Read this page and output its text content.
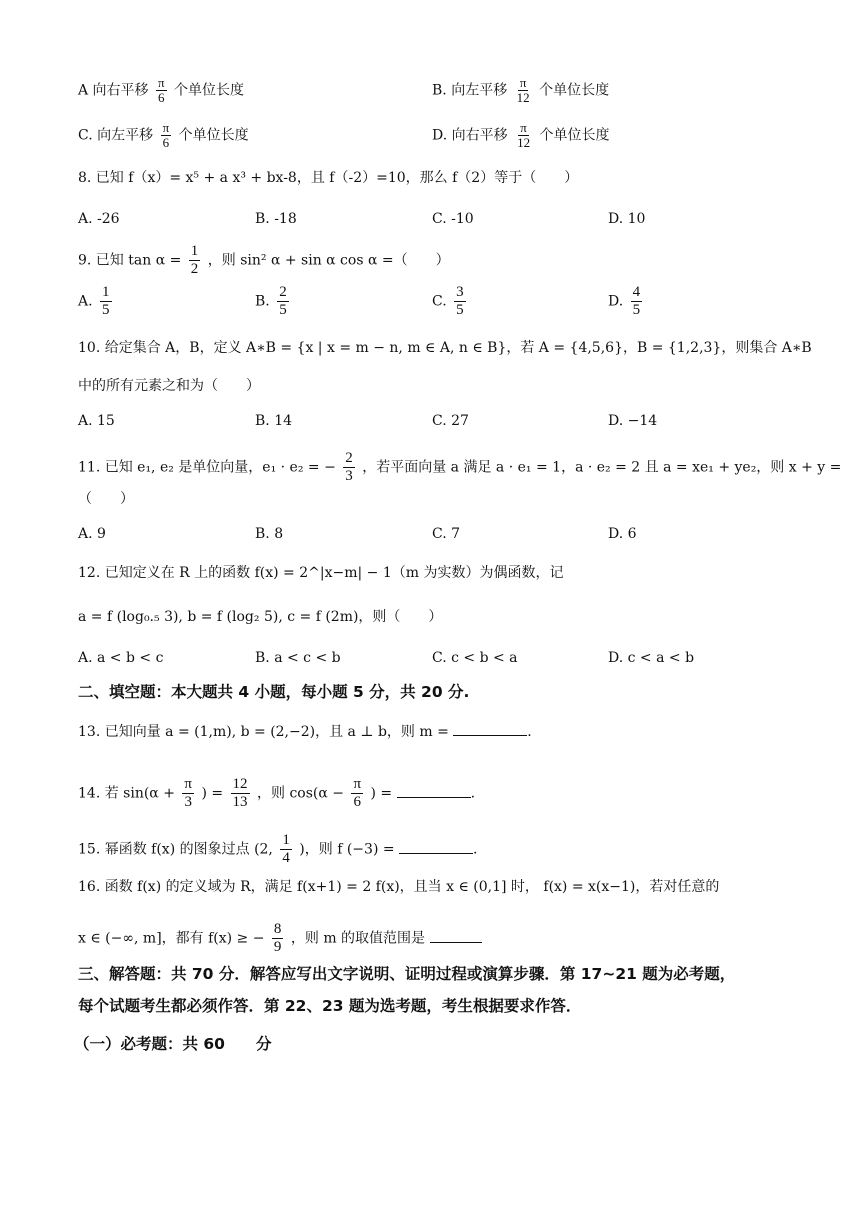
A 向右平移 $\frac{\pi}{6}$ 个单位长度	B. 向左平移 $\frac{\pi}{12}$ 个单位长度
C. 向左平移 $\frac{\pi}{6}$ 个单位长度	D. 向右平移 $\frac{\pi}{12}$ 个单位长度
8. 已知 f（x）= x⁵ + a x³ + bx-8，且 f（-2）=10，那么 f（2）等于（　　）
A. -26	B. -18	C. -10	D. 10
9. 已知 $\tan \alpha = \frac{1}{2}$ ，则 sin² α + sin α cos α =（　　）
A. $\frac{1}{5}$	B. $\frac{2}{5}$	C. $\frac{3}{5}$	D. $\frac{4}{5}$
10. 给定集合 A，B，定义 A∗B = {x | x = m − n, m ∈ A, n ∈ B}，若 A = {4,5,6}，B = {1,2,3}，则集合 A∗B
中的所有元素之和为（　　）
A. 15	B. 14	C. 27	D. −14
11. 已知 e₁, e₂ 是单位向量，e₁ · e₂ = − $\frac{2}{3}$ ，若平面向量 a 满足 a · e₁ = 1，a · e₂ = 2 且 a = xe₁ + ye₂，则 x + y =
（　　）
A. 9	B. 8	C. 7	D. 6
12. 已知定义在 R 上的函数 f(x) = 2^|x−m| − 1（m 为实数）为偶函数，记
a = f (log₀.₅ 3), b = f (log₂ 5), c = f (2m)，则（　　）
A. a < b < c	B. a < c < b	C. c < b < a	D. c < a < b
二、填空题：本大题共 4 小题，每小题 5 分，共 20 分.
13. 已知向量 a = (1,m), b = (2,−2)，且 a ⊥ b，则 m =	.
14. 若 $\sin(\alpha + \frac{\pi}{3}$ ) = $\frac{12}{13}$ ，则 $\cos(\alpha - \frac{\pi}{6}$ ) =	.
15. 幂函数 f(x) 的图象过点 (2, $\frac{1}{4}$ )，则 f (−3) =	.
16. 函数 f(x) 的定义域为 R，满足 f(x+1) = 2 f(x)，且当 x ∈ (0,1] 时， f(x) = x(x−1)，若对任意的
x ∈ (−∞, m]，都有 f(x) ≥ − $\frac{8}{9}$ ，则 m 的取值范围是
三、解答题：共 70 分．解答应写出文字说明、证明过程或演算步骤．第 17~21 题为必考题，
每个试题考生都必须作答．第 22、23 题为选考题，考生根据要求作答．
（一）必考题：共 60　　分
